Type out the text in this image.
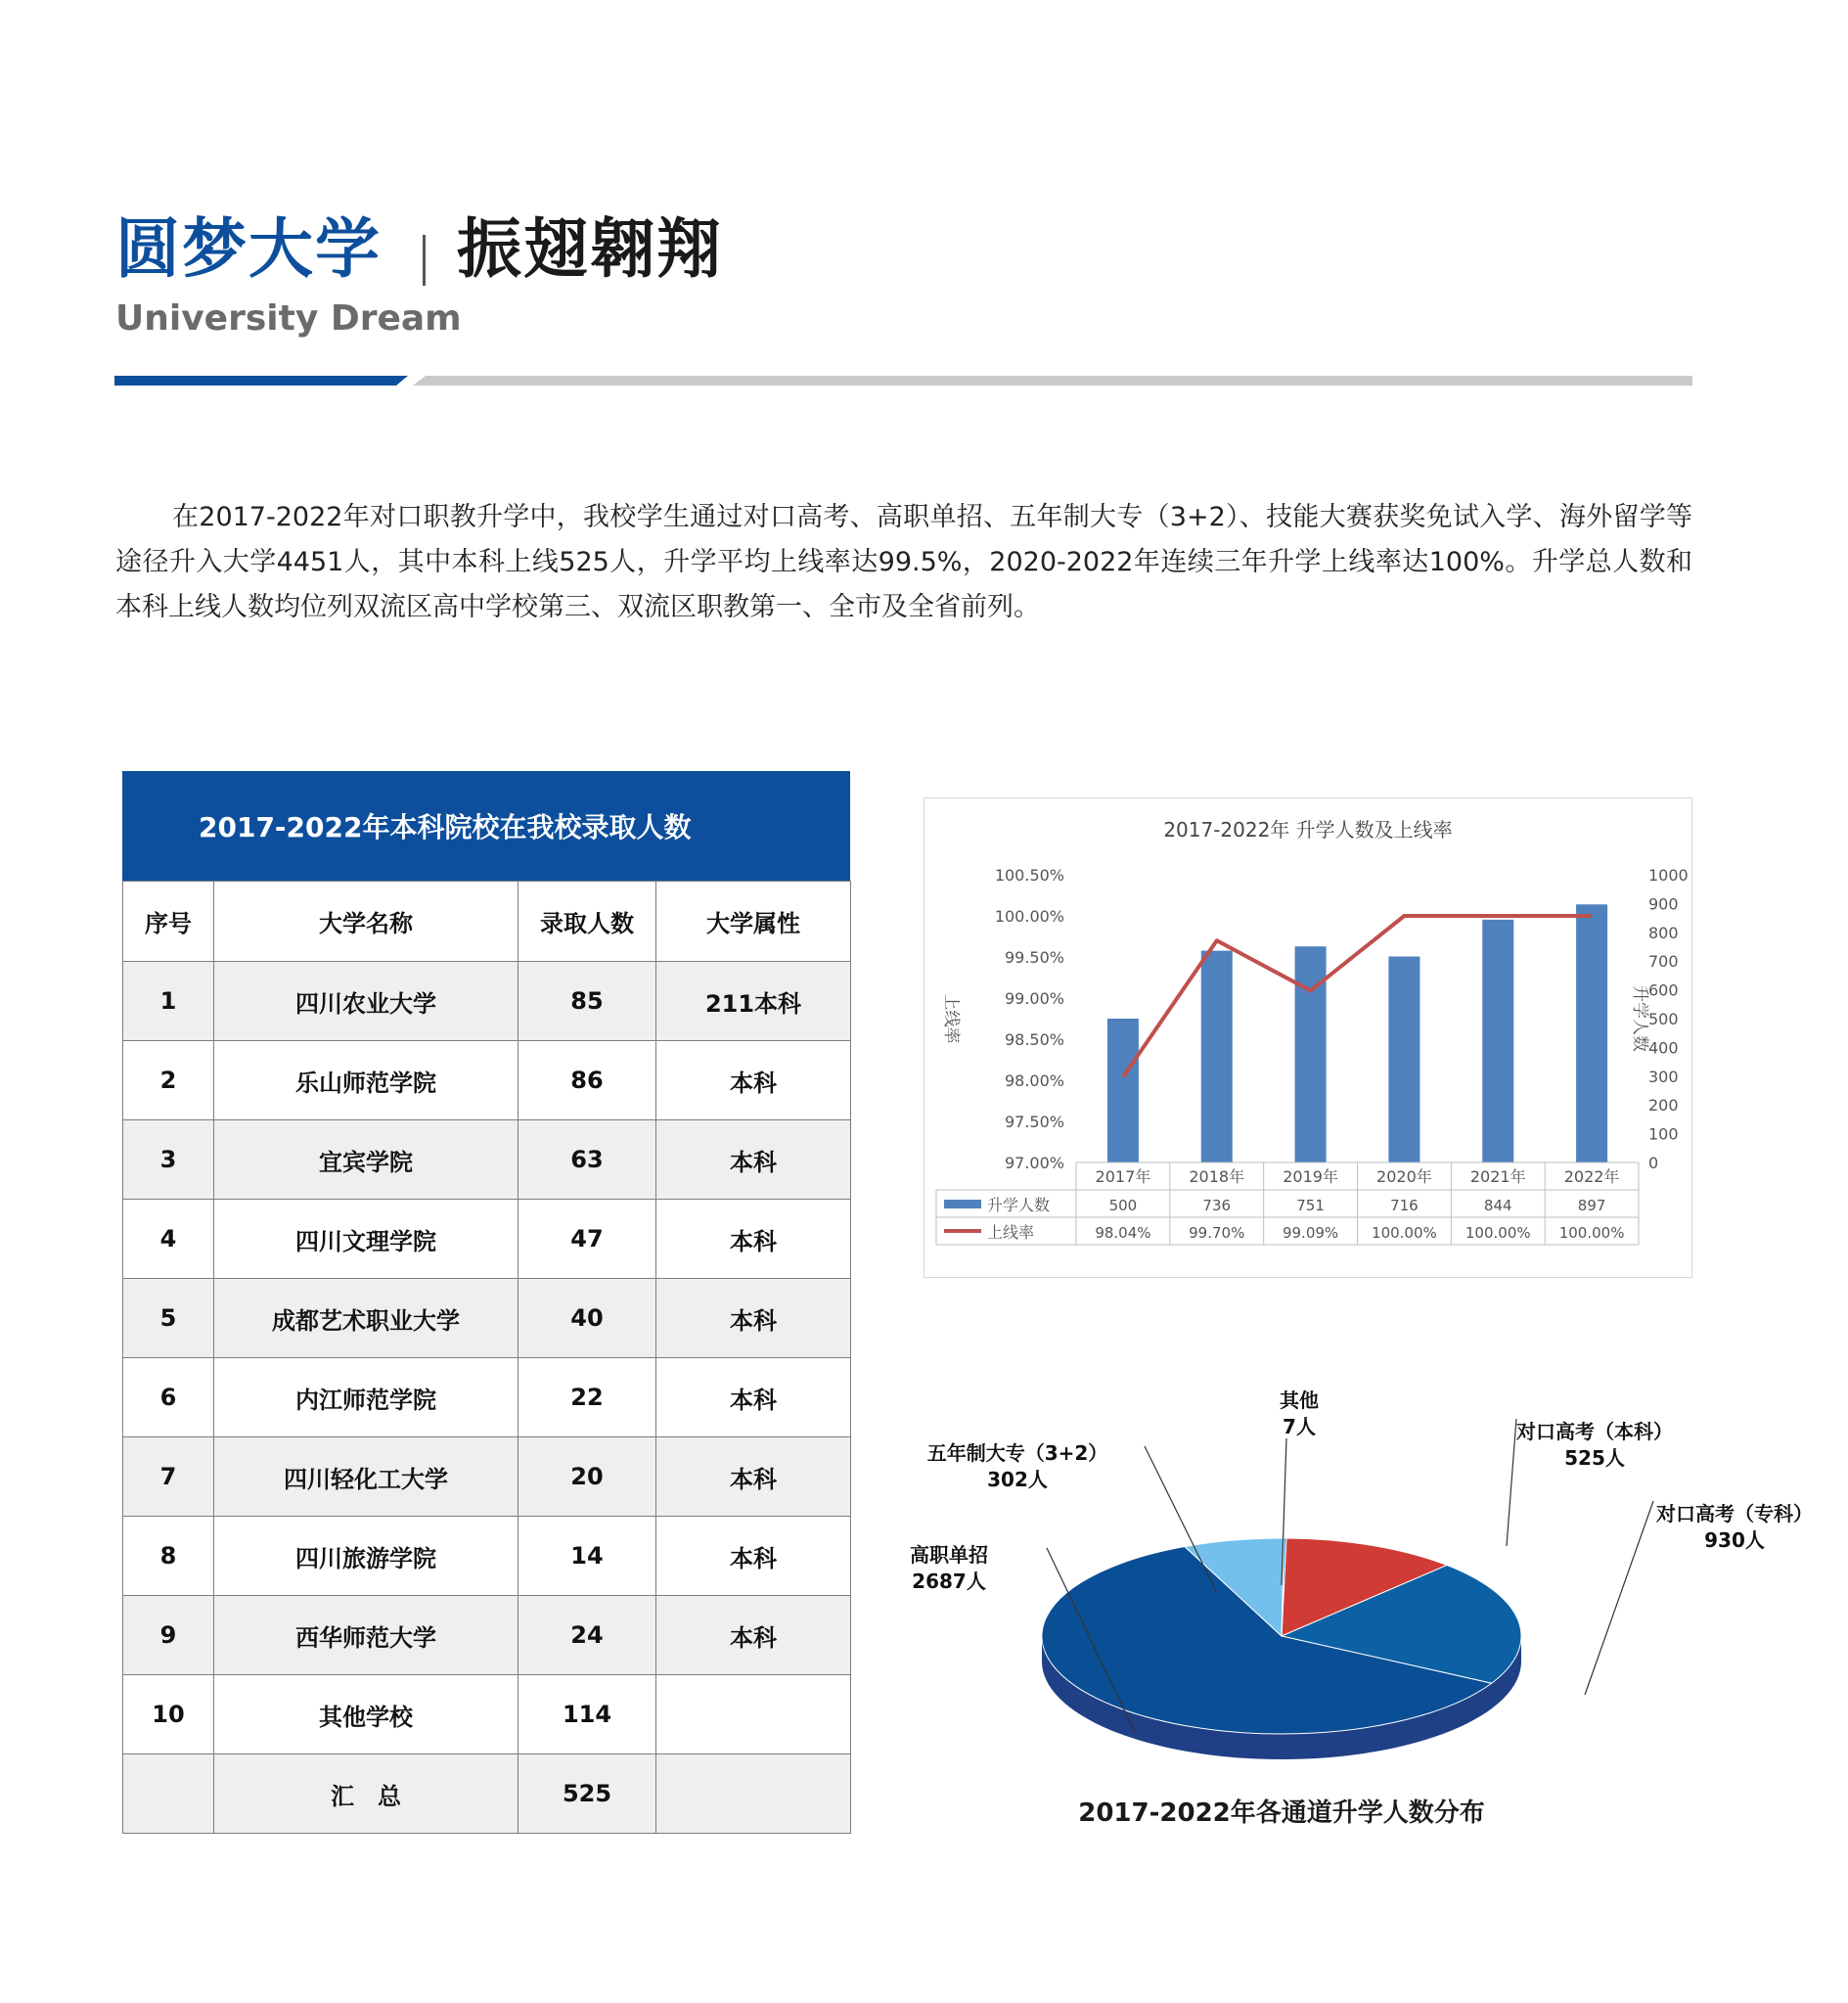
圆梦大学 振翅翱翔
University Dream
在2017-2022年对口职教升学中，我校学生通过对口高考、高职单招、五年制大专（3+2）、技能大赛获奖免试入学、海外留学等途径升入大学4451人，其中本科上线525人，升学平均上线率达99.5%，2020-2022年连续三年升学上线率达100%。升学总人数和本科上线人数均位列双流区高中学校第三、双流区职教第一、全市及全省前列。
2017-2022年本科院校在我校录取人数
序号	大学名称	录取人数	大学属性
1	四川农业大学	85	211本科
2	乐山师范学院	86	本科
3	宜宾学院	63	本科
4	四川文理学院	47	本科
5	成都艺术职业大学	40	本科
6	内江师范学院	22	本科
7	四川轻化工大学	20	本科
8	四川旅游学院	14	本科
9	西华师范大学	24	本科
10	其他学校	114	
	汇　总	525	
2017-2022年 升学人数及上线率
100.50%
100.00%
99.50%
99.00%
98.50%
98.00%
97.50%
97.00%
1000
900
800
700
600
500
400
300
200
100
0
上线率	升学人数
2017年 2018年 2019年 2020年 2021年 2022年
升学人数
上线率
500	736	751	716	844	897
98.04%	99.70%	99.09% 100.00% 100.00% 100.00%
对口高考（本科）
525人
对口高考（专科）
930人
高职单招
2687人
五年制大专（3+2）
302人
其他
7人
2017-2022年各通道升学人数分布
